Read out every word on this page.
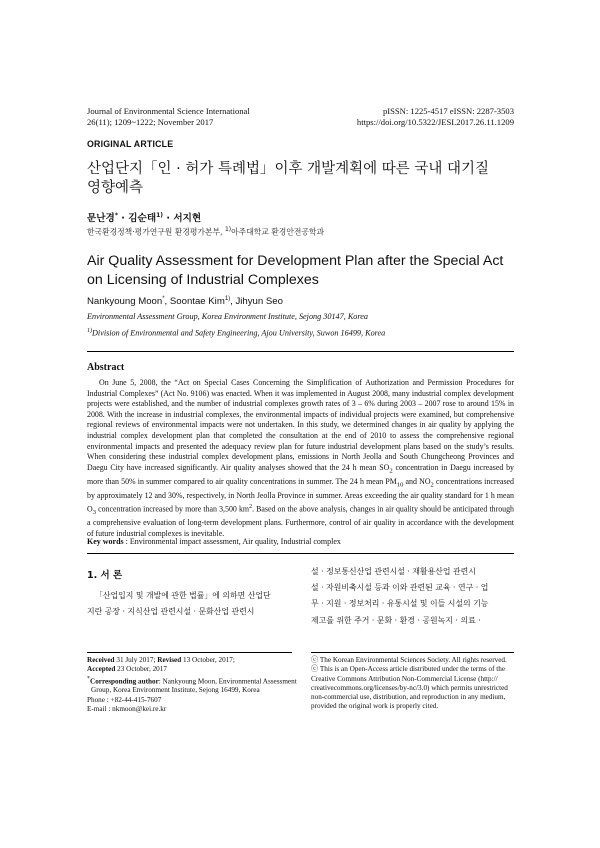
Journal of Environmental Science International
26(11); 1209~1222; November 2017
pISSN: 1225-4517 eISSN: 2287-3503
https://doi.org/10.5322/JESI.2017.26.11.1209
ORIGINAL ARTICLE
산업단지「인 · 허가 특례법」이후 개발계획에 따른 국내 대기질
영향예측
문난경* · 김순태$^{1)}$ · 서지현
한국환경정책·평가연구원 환경평가본부, $^{1)}$아주대학교 환경안전공학과
Air Quality Assessment for Development Plan after the Special Act
on Licensing of Industrial Complexes
Nankyoung Moon*, Soontae Kim$^{1)}$, Jihyun Seo
Environmental Assessment Group, Korea Environment Institute, Sejong 30147, Korea
$^{1)}$Division of Environmental and Safety Engineering, Ajou University, Suwon 16499, Korea
Abstract
On June 5, 2008, the “Act on Special Cases Concerning the Simplification of Authorization and Permission Procedures for Industrial Complexes” (Act No. 9106) was enacted. When it was implemented in August 2008, many industrial complex development projects were established, and the number of industrial complexes growth rates of 3 – 6% during 2003 – 2007 rose to around 15% in 2008. With the increase in industrial complexes, the environmental impacts of individual projects were examined, but comprehensive regional reviews of environmental impacts were not undertaken. In this study, we determined changes in air quality by applying the industrial complex development plan that completed the consultation at the end of 2010 to assess the comprehensive regional environmental impacts and presented the adequacy review plan for future industrial development plans based on the study’s results. When considering these industrial complex development plans, emissions in North Jeolla and South Chungcheong Provinces and Daegu City have increased significantly. Air quality analyses showed that the 24 h mean $SO_2$ concentration in Daegu increased by more than 50% in summer compared to air quality concentrations in summer. The 24 h mean $PM_{10}$ and $NO_2$ concentrations increased by approximately 12 and 30%, respectively, in North Jeolla Province in summer. Areas exceeding the air quality standard for 1 h mean $O_3$ concentration increased by more than 3,500 $km^2$. Based on the above analysis, changes in air quality should be anticipated through a comprehensive evaluation of long-term development plans. Furthermore, control of air quality in accordance with the development of future industrial complexes is inevitable.
Key words : Environmental impact assessment, Air quality, Industrial complex
1. 서 론
「산업입지 및 개발에 관한 법률」에 의하면 산업단
지란 공장 · 지식산업 관련시설 · 문화산업 관련시
설 · 정보통신산업 관련시설 · 재활용산업 관련시
설 · 자원비축시설 등과 이와 관련된 교육 · 연구 · 업
무 · 지원 · 정보처리 · 유통시설 및 이들 시설의 기능
제고를 위한 주거 · 문화 · 환경 · 공원녹지 · 의료 ·
Received 31 July 2017; Revised 13 October, 2017;
Accepted 23 October, 2017
*Corresponding author: Nankyoung Moon, Environmental Assessment
Group, Korea Environment Institute, Sejong 16499, Korea
Phone : +82-44-415-7607
E-mail : nkmoon@kei.re.kr
ⓒ The Korean Environmental Sciences Society. All rights reserved.
ⓒ This is an Open-Access article distributed under the terms of the
Creative Commons Attribution Non-Commercial License (http://
creativecommons.org/licenses/by-nc/3.0) which permits unrestricted
non-commercial use, distribution, and reproduction in any medium,
provided the original work is properly cited.
